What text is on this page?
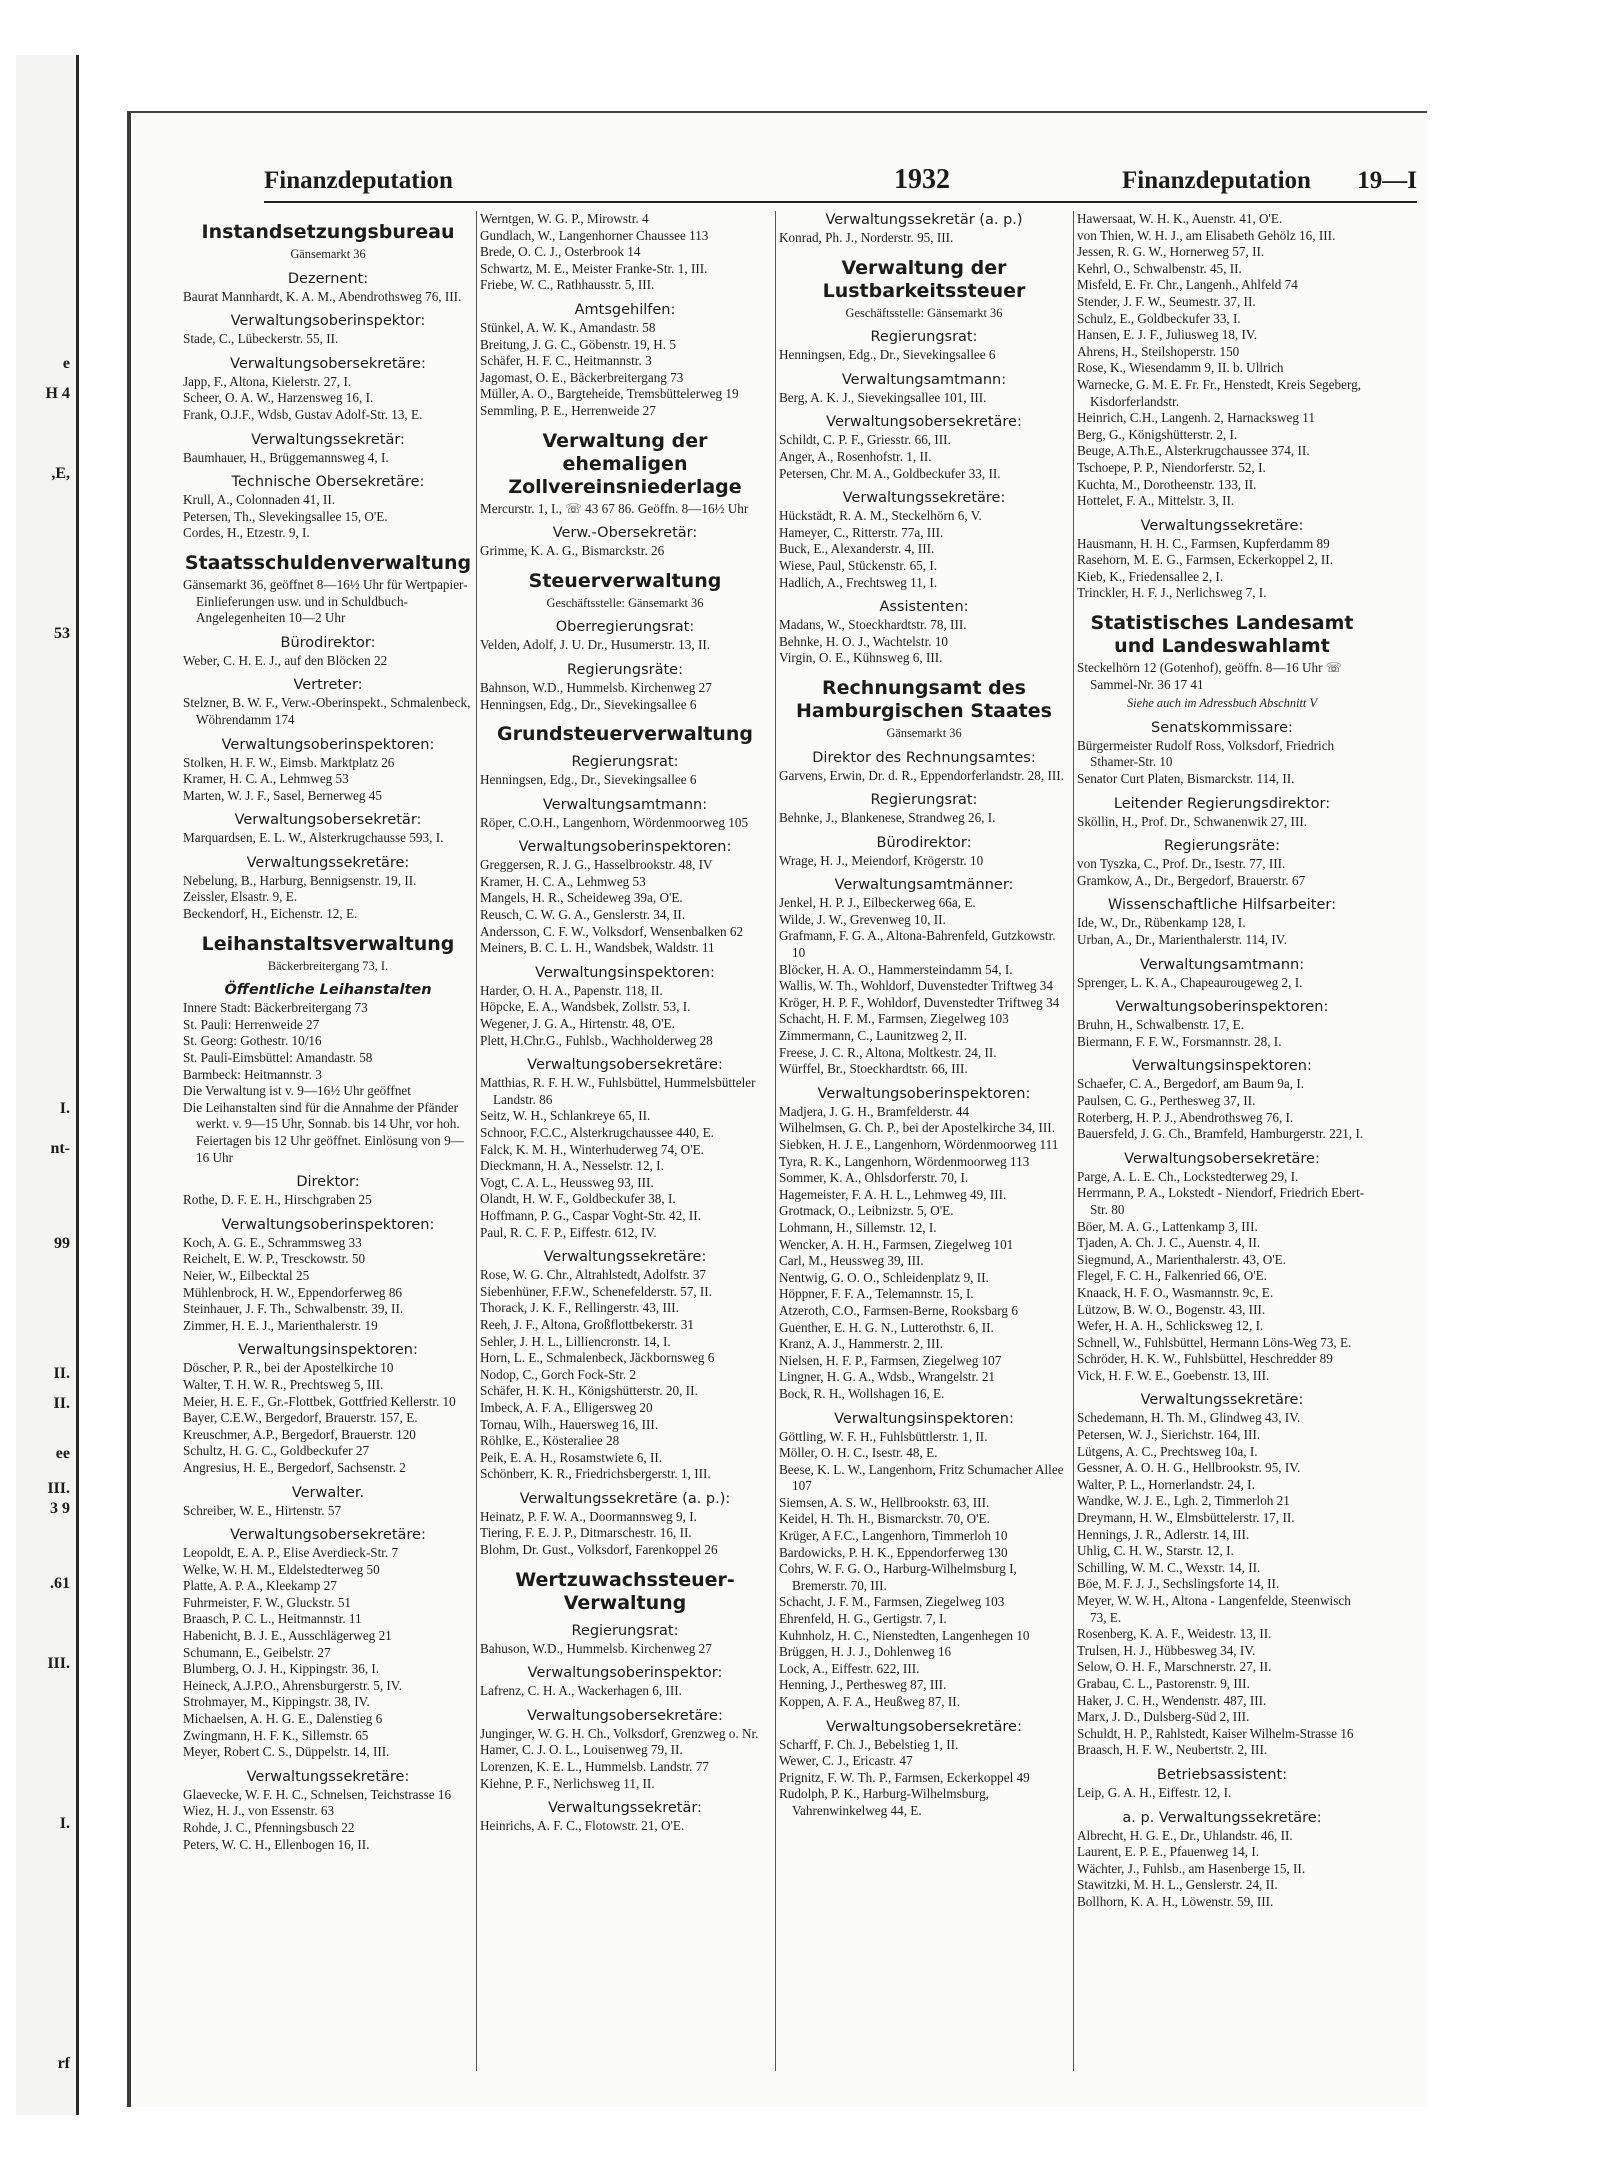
e
H 4
,E,
53
I.
nt-
99
II.
II.
ee
III.
3 9
.61
III.
I.
rf
Finanzdeputation	1932	Finanzdeputation 19—I

Instandsetzungsbureau

Gänsemarkt 36

Dezernent:

Baurat Mannhardt, K. A. M., Abendrothsweg 76, III.

Verwaltungsoberinspektor:

Stade, C., Lübeckerstr. 55, II.

Verwaltungsobersekretäre:

Japp, F., Altona, Kielerstr. 27, I.

Scheer, O. A. W., Harzensweg 16, I.

Frank, O.J.F., Wdsb, Gustav Adolf-Str. 13, E.

Verwaltungssekretär:

Baumhauer, H., Brüggemannsweg 4, I.

Technische Obersekretäre:

Krull, A., Colonnaden 41, II.

Petersen, Th., Slevekingsallee 15, O'E.

Cordes, H., Etzestr. 9, I.

Staatsschuldenverwaltung

Gänsemarkt 36, geöffnet 8—16½ Uhr für Wertpapier-Einlieferungen usw. und in Schuldbuch-Angelegenheiten 10—2 Uhr

Bürodirektor:

Weber, C. H. E. J., auf den Blöcken 22

Vertreter:

Stelzner, B. W. F., Verw.-Oberinspekt., Schmalenbeck, Wöhrendamm 174

Verwaltungsoberinspektoren:

Stolken, H. F. W., Eimsb. Marktplatz 26

Kramer, H. C. A., Lehmweg 53

Marten, W. J. F., Sasel, Bernerweg 45

Verwaltungsobersekretär:

Marquardsen, E. L. W., Alsterkrugchausse 593, I.

Verwaltungssekretäre:

Nebelung, B., Harburg, Bennigsenstr. 19, II.

Zeissler, Elsastr. 9, E.

Beckendorf, H., Eichenstr. 12, E.

Leihanstaltsverwaltung

Bäckerbreitergang 73, I.

Öffentliche Leihanstalten

Innere Stadt: Bäckerbreitergang 73

St. Pauli: Herrenweide 27

St. Georg: Gothestr. 10/16

St. Pauli-Eimsbüttel: Amandastr. 58

Barmbeck: Heitmannstr. 3

Die Verwaltung ist v. 9—16½ Uhr geöffnet

Die Leihanstalten sind für die Annahme der Pfänder werkt. v. 9—15 Uhr, Sonnab. bis 14 Uhr, vor hoh. Feiertagen bis 12 Uhr geöffnet. Einlösung von 9—16 Uhr

Direktor:

Rothe, D. F. E. H., Hirschgraben 25

Verwaltungsoberinspektoren:

Koch, A. G. E., Schrammsweg 33

Reichelt, E. W. P., Tresckowstr. 50

Neier, W., Eilbecktal 25

Mühlenbrock, H. W., Eppendorferweg 86

Steinhauer, J. F. Th., Schwalbenstr. 39, II.

Zimmer, H. E. J., Marienthalerstr. 19

Verwaltungsinspektoren:

Döscher, P. R., bei der Apostelkirche 10

Walter, T. H. W. R., Prechtsweg 5, III.

Meier, H. E. F., Gr.-Flottbek, Gottfried Kellerstr. 10

Bayer, C.E.W., Bergedorf, Brauerstr. 157, E.

Kreuschmer, A.P., Bergedorf, Brauerstr. 120

Schultz, H. G. C., Goldbeckufer 27

Angresius, H. E., Bergedorf, Sachsenstr. 2

Verwalter.

Schreiber, W. E., Hirtenstr. 57

Verwaltungsobersekretäre:

Leopoldt, E. A. P., Elise Averdieck-Str. 7

Welke, W. H. M., Eldelstedterweg 50

Platte, A. P. A., Kleekamp 27

Fuhrmeister, F. W., Gluckstr. 51

Braasch, P. C. L., Heitmannstr. 11

Habenicht, B. J. E., Ausschlägerweg 21

Schumann, E., Geibelstr. 27

Blumberg, O. J. H., Kippingstr. 36, I.

Heineck, A.J.P.O., Ahrensburgerstr. 5, IV.

Strohmayer, M., Kippingstr. 38, IV.

Michaelsen, A. H. G. E., Dalenstieg 6

Zwingmann, H. F. K., Sillemstr. 65

Meyer, Robert C. S., Düppelstr. 14, III.

Verwaltungssekretäre:

Glaevecke, W. F. H. C., Schnelsen, Teichstrasse 16

Wiez, H. J., von Essenstr. 63

Rohde, J. C., Pfenningsbusch 22

Peters, W. C. H., Ellenbogen 16, II.

Werntgen, W. G. P., Mirowstr. 4

Gundlach, W., Langenhorner Chaussee 113

Brede, O. C. J., Osterbrook 14

Schwartz, M. E., Meister Franke-Str. 1, III.

Friebe, W. C., Rathhausstr. 5, III.

Amtsgehilfen:

Stünkel, A. W. K., Amandastr. 58

Breitung, J. G. C., Göbenstr. 19, H. 5

Schäfer, H. F. C., Heitmannstr. 3

Jagomast, O. E., Bäckerbreitergang 73

Müller, A. O., Bargteheide, Tremsbüttelerweg 19

Semmling, P. E., Herrenweide 27

Verwaltung der ehemaligen Zollvereinsniederlage

Mercurstr. 1, I., ☏ 43 67 86. Geöffn. 8—16½ Uhr

Verw.-Obersekretär:

Grimme, K. A. G., Bismarckstr. 26

Steuerverwaltung

Geschäftsstelle: Gänsemarkt 36

Oberregierungsrat:

Velden, Adolf, J. U. Dr., Husumerstr. 13, II.

Regierungsräte:

Bahnson, W.D., Hummelsb. Kirchenweg 27

Henningsen, Edg., Dr., Sievekingsallee 6

Grundsteuerverwaltung

Regierungsrat:

Henningsen, Edg., Dr., Sievekingsallee 6

Verwaltungsamtmann:

Röper, C.O.H., Langenhorn, Wördenmoorweg 105

Verwaltungsoberinspektoren:

Greggersen, R. J. G., Hasselbrookstr. 48, IV

Kramer, H. C. A., Lehmweg 53

Mangels, H. R., Scheideweg 39a, O'E.

Reusch, C. W. G. A., Genslerstr. 34, II.

Andersson, C. F. W., Volksdorf, Wensenbalken 62

Meiners, B. C. L. H., Wandsbek, Waldstr. 11

Verwaltungsinspektoren:

Harder, O. H. A., Papenstr. 118, II.

Höpcke, E. A., Wandsbek, Zollstr. 53, I.

Wegener, J. G. A., Hirtenstr. 48, O'E.

Plett, H.Chr.G., Fuhlsb., Wachholderweg 28

Verwaltungsobersekretäre:

Matthias, R. F. H. W., Fuhlsbüttel, Hummelsbütteler Landstr. 86

Seitz, W. H., Schlankreye 65, II.

Schnoor, F.C.C., Alsterkrugchaussee 440, E.

Falck, K. M. H., Winterhuderweg 74, O'E.

Dieckmann, H. A., Nesselstr. 12, I.

Vogt, C. A. L., Heussweg 93, III.

Olandt, H. W. F., Goldbeckufer 38, I.

Hoffmann, P. G., Caspar Voght-Str. 42, II.

Paul, R. C. F. P., Eiffestr. 612, IV.

Verwaltungssekretäre:

Rose, W. G. Chr., Altrahlstedt, Adolfstr. 37

Siebenhüner, F.F.W., Schenefelderstr. 57, II.

Thorack, J. K. F., Rellingerstr. 43, III.

Reeh, J. F., Altona, Großflottbekerstr. 31

Sehler, J. H. L., Lilliencronstr. 14, I.

Horn, L. E., Schmalenbeck, Jäckbornsweg 6

Nodop, C., Gorch Fock-Str. 2

Schäfer, H. K. H., Königshütterstr. 20, II.

Imbeck, A. F. A., Elligersweg 20

Tornau, Wilh., Hauersweg 16, III.

Röhlke, E., Kösteraliee 28

Peik, E. A. H., Rosamstwiete 6, II.

Schönberr, K. R., Friedrichsbergerstr. 1, III.

Verwaltungssekretäre (a. p.):

Heinatz, P. F. W. A., Doormannsweg 9, I.

Tiering, F. E. J. P., Ditmarschestr. 16, II.

Blohm, Dr. Gust., Volksdorf, Farenkoppel 26

Wertzuwachssteuer-Verwaltung

Regierungsrat:

Bahuson, W.D., Hummelsb. Kirchenweg 27

Verwaltungsoberinspektor:

Lafrenz, C. H. A., Wackerhagen 6, III.

Verwaltungsobersekretäre:

Junginger, W. G. H. Ch., Volksdorf, Grenzweg o. Nr.

Hamer, C. J. O. L., Louisenweg 79, II.

Lorenzen, K. E. L., Hummelsb. Landstr. 77

Kiehne, P. F., Nerlichsweg 11, II.

Verwaltungssekretär:

Heinrichs, A. F. C., Flotowstr. 21, O'E.

Verwaltungssekretär (a. p.)

Konrad, Ph. J., Norderstr. 95, III.

Verwaltung der Lustbarkeitssteuer

Geschäftsstelle: Gänsemarkt 36

Regierungsrat:

Henningsen, Edg., Dr., Sievekingsallee 6

Verwaltungsamtmann:

Berg, A. K. J., Sievekingsallee 101, III.

Verwaltungsobersekretäre:

Schildt, C. P. F., Griesstr. 66, III.

Anger, A., Rosenhofstr. 1, II.

Petersen, Chr. M. A., Goldbeckufer 33, II.

Verwaltungssekretäre:

Hückstädt, R. A. M., Steckelhörn 6, V.

Hameyer, C., Ritterstr. 77a, III.

Buck, E., Alexanderstr. 4, III.

Wiese, Paul, Stückenstr. 65, I.

Hadlich, A., Frechtsweg 11, I.

Assistenten:

Madans, W., Stoeckhardtstr. 78, III.

Behnke, H. O. J., Wachtelstr. 10

Virgin, O. E., Kühnsweg 6, III.

Rechnungsamt des Hamburgischen Staates

Gänsemarkt 36

Direktor des Rechnungsamtes:

Garvens, Erwin, Dr. d. R., Eppendorferlandstr. 28, III.

Regierungsrat:

Behnke, J., Blankenese, Strandweg 26, I.

Bürodirektor:

Wrage, H. J., Meiendorf, Krögerstr. 10

Verwaltungsamtmänner:

Jenkel, H. P. J., Eilbeckerweg 66a, E.

Wilde, J. W., Grevenweg 10, II.

Grafmann, F. G. A., Altona-Bahrenfeld, Gutzkowstr. 10

Blöcker, H. A. O., Hammersteindamm 54, I.

Wallis, W. Th., Wohldorf, Duvenstedter Triftweg 34

Kröger, H. P. F., Wohldorf, Duvenstedter Triftweg 34

Schacht, H. F. M., Farmsen, Ziegelweg 103

Zimmermann, C., Launitzweg 2, II.

Freese, J. C. R., Altona, Moltkestr. 24, II.

Würffel, Br., Stoeckhardtstr. 66, III.

Verwaltungsoberinspektoren:

Madjera, J. G. H., Bramfelderstr. 44

Wilhelmsen, G. Ch. P., bei der Apostelkirche 34, III.

Siebken, H. J. E., Langenhorn, Wördenmoorweg 111

Tyra, R. K., Langenhorn, Wördenmoorweg 113

Sommer, K. A., Ohlsdorferstr. 70, I.

Hagemeister, F. A. H. L., Lehmweg 49, III.

Grotmack, O., Leibnizstr. 5, O'E.

Lohmann, H., Sillemstr. 12, I.

Wencker, A. H. H., Farmsen, Ziegelweg 101

Carl, M., Heussweg 39, III.

Nentwig, G. O. O., Schleidenplatz 9, II.

Höppner, F. F. A., Telemannstr. 15, I.

Atzeroth, C.O., Farmsen-Berne, Rooksbarg 6

Guenther, E. H. G. N., Lutterothstr. 6, II.

Kranz, A. J., Hammerstr. 2, III.

Nielsen, H. F. P., Farmsen, Ziegelweg 107

Lingner, H. G. A., Wdsb., Wrangelstr. 21

Bock, R. H., Wollshagen 16, E.

Verwaltungsinspektoren:

Göttling, W. F. H., Fuhlsbüttlerstr. 1, II.

Möller, O. H. C., Isestr. 48, E.

Beese, K. L. W., Langenhorn, Fritz Schumacher Allee 107

Siemsen, A. S. W., Hellbrookstr. 63, III.

Keidel, H. Th. H., Bismarckstr. 70, O'E.

Krüger, A F.C., Langenhorn, Timmerloh 10

Bardowicks, P. H. K., Eppendorferweg 130

Cohrs, W. F. G. O., Harburg-Wilhelmsburg I, Bremerstr. 70, III.

Schacht, J. F. M., Farmsen, Ziegelweg 103

Ehrenfeld, H. G., Gertigstr. 7, I.

Kuhnholz, H. C., Nienstedten, Langenhegen 10

Brüggen, H. J. J., Dohlenweg 16

Lock, A., Eiffestr. 622, III.

Henning, J., Perthesweg 87, III.

Koppen, A. F. A., Heußweg 87, II.

Verwaltungsobersekretäre:

Scharff, F. Ch. J., Bebelstieg 1, II.

Wewer, C. J., Ericastr. 47

Prignitz, F. W. Th. P., Farmsen, Eckerkoppel 49

Rudolph, P. K., Harburg-Wilhelmsburg, Vahrenwinkelweg 44, E.

Hawersaat, W. H. K., Auenstr. 41, O'E.

von Thien, W. H. J., am Elisabeth Gehölz 16, III.

Jessen, R. G. W., Hornerweg 57, II.

Kehrl, O., Schwalbenstr. 45, II.

Misfeld, E. Fr. Chr., Langenh., Ahlfeld 74

Stender, J. F. W., Seumestr. 37, II.

Schulz, E., Goldbeckufer 33, I.

Hansen, E. J. F., Juliusweg 18, IV.

Ahrens, H., Steilshoperstr. 150

Rose, K., Wiesendamm 9, II. b. Ullrich

Warnecke, G. M. E. Fr. Fr., Henstedt, Kreis Segeberg, Kisdorferlandstr.

Heinrich, C.H., Langenh. 2, Harnacksweg 11

Berg, G., Königshütterstr. 2, I.

Beuge, A.Th.E., Alsterkrugchaussee 374, II.

Tschoepe, P. P., Niendorferstr. 52, I.

Kuchta, M., Dorotheenstr. 133, II.

Hottelet, F. A., Mittelstr. 3, II.

Verwaltungssekretäre:

Hausmann, H. H. C., Farmsen, Kupferdamm 89

Rasehorn, M. E. G., Farmsen, Eckerkoppel 2, II.

Kieb, K., Friedensallee 2, I.

Trinckler, H. F. J., Nerlichsweg 7, I.

Statistisches Landesamt und Landeswahlamt

Steckelhörn 12 (Gotenhof), geöffn. 8—16 Uhr ☏ Sammel-Nr. 36 17 41

Siehe auch im Adressbuch Abschnitt V

Senatskommissare:

Bürgermeister Rudolf Ross, Volksdorf, Friedrich Sthamer-Str. 10

Senator Curt Platen, Bismarckstr. 114, II.

Leitender Regierungsdirektor:

Sköllin, H., Prof. Dr., Schwanenwik 27, III.

Regierungsräte:

von Tyszka, C., Prof. Dr., Isestr. 77, III.

Gramkow, A., Dr., Bergedorf, Brauerstr. 67

Wissenschaftliche Hilfsarbeiter:

Ide, W., Dr., Rübenkamp 128, I.

Urban, A., Dr., Marienthalerstr. 114, IV.

Verwaltungsamtmann:

Sprenger, L. K. A., Chapeaurougeweg 2, I.

Verwaltungsoberinspektoren:

Bruhn, H., Schwalbenstr. 17, E.

Biermann, F. F. W., Forsmannstr. 28, I.

Verwaltungsinspektoren:

Schaefer, C. A., Bergedorf, am Baum 9a, I.

Paulsen, C. G., Perthesweg 37, II.

Roterberg, H. P. J., Abendrothsweg 76, I.

Bauersfeld, J. G. Ch., Bramfeld, Hamburgerstr. 221, I.

Verwaltungsobersekretäre:

Parge, A. L. E. Ch., Lockstedterweg 29, I.

Herrmann, P. A., Lokstedt - Niendorf, Friedrich Ebert-Str. 80

Böer, M. A. G., Lattenkamp 3, III.

Tjaden, A. Ch. J. C., Auenstr. 4, II.

Siegmund, A., Marienthalerstr. 43, O'E.

Flegel, F. C. H., Falkenried 66, O'E.

Knaack, H. F. O., Wasmannstr. 9c, E.

Lützow, B. W. O., Bogenstr. 43, III.

Wefer, H. A. H., Schlicksweg 12, I.

Schnell, W., Fuhlsbüttel, Hermann Löns-Weg 73, E.

Schröder, H. K. W., Fuhlsbüttel, Heschredder 89

Vick, H. F. W. E., Goebenstr. 13, III.

Verwaltungssekretäre:

Schedemann, H. Th. M., Glindweg 43, IV.

Petersen, W. J., Sierichstr. 164, III.

Lütgens, A. C., Prechtsweg 10a, I.

Gessner, A. O. H. G., Hellbrookstr. 95, IV.

Walter, P. L., Hornerlandstr. 24, I.

Wandke, W. J. E., Lgh. 2, Timmerloh 21

Dreymann, H. W., Elmsbüttelerstr. 17, II.

Hennings, J. R., Adlerstr. 14, III.

Uhlig, C. H. W., Starstr. 12, I.

Schilling, W. M. C., Wexstr. 14, II.

Böe, M. F. J. J., Sechslingsforte 14, II.

Meyer, W. W. H., Altona - Langenfelde, Steenwisch 73, E.

Rosenberg, K. A. F., Weidestr. 13, II.

Trulsen, H. J., Hübbesweg 34, IV.

Selow, O. H. F., Marschnerstr. 27, II.

Grabau, C. L., Pastorenstr. 9, III.

Haker, J. C. H., Wendenstr. 487, III.

Marx, J. D., Dulsberg-Süd 2, III.

Schuldt, H. P., Rahlstedt, Kaiser Wilhelm-Strasse 16

Braasch, H. F. W., Neubertstr. 2, III.

Betriebsassistent:

Leip, G. A. H., Eiffestr. 12, I.

a. p. Verwaltungssekretäre:

Albrecht, H. G. E., Dr., Uhlandstr. 46, II.

Laurent, E. P. E., Pfauenweg 14, I.

Wächter, J., Fuhlsb., am Hasenberge 15, II.

Stawitzki, M. H. L., Genslerstr. 24, II.

Bollhorn, K. A. H., Löwenstr. 59, III.
